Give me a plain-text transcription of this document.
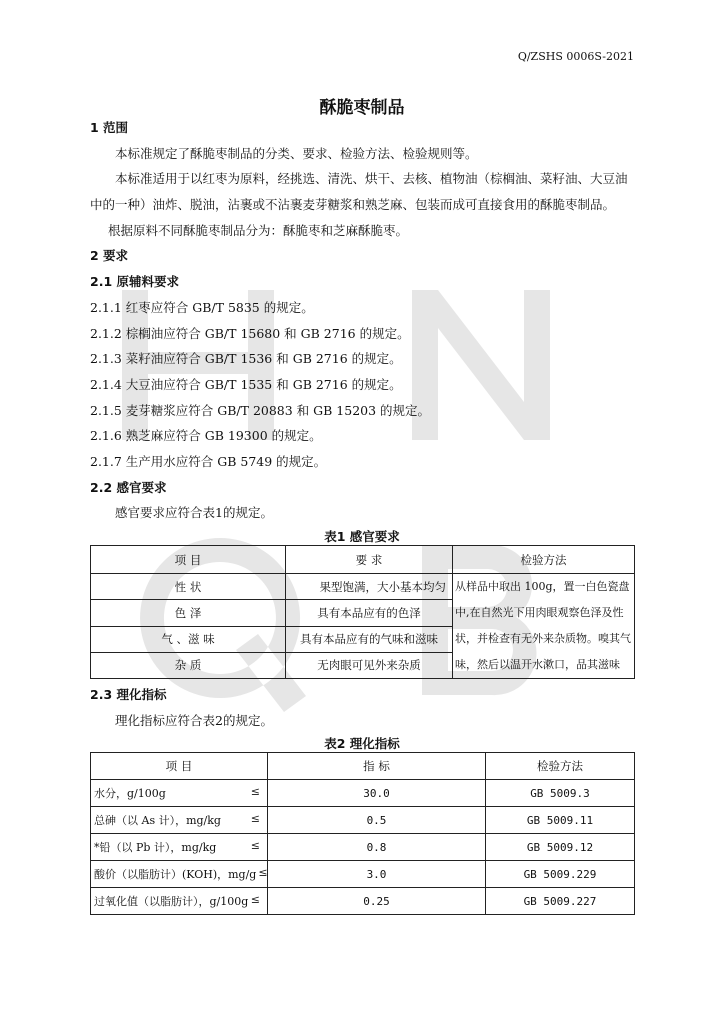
Q/ZSHS 0006S-2021
酥脆枣制品
1 范围
本标准规定了酥脆枣制品的分类、要求、检验方法、检验规则等。
本标准适用于以红枣为原料，经挑选、清洗、烘干、去核、植物油（棕榈油、菜籽油、大豆油
中的一种）油炸、脱油，沾裹或不沾裹麦芽糖浆和熟芝麻、包装而成可直接食用的酥脆枣制品。
根据原料不同酥脆枣制品分为：酥脆枣和芝麻酥脆枣。
2 要求
2.1 原辅料要求
2.1.1 红枣应符合 GB/T 5835 的规定。
2.1.2 棕榈油应符合 GB/T 15680 和 GB 2716 的规定。
2.1.3 菜籽油应符合 GB/T 1536 和 GB 2716 的规定。
2.1.4 大豆油应符合 GB/T 1535 和 GB 2716 的规定。
2.1.5 麦芽糖浆应符合 GB/T 20883 和 GB 15203 的规定。
2.1.6 熟芝麻应符合 GB 19300 的规定。
2.1.7 生产用水应符合 GB 5749 的规定。
2.2 感官要求
感官要求应符合表1的规定。
表1 感官要求
项 目	要 求	检验方法
性 状	果型饱满，大小基本均匀	从样品中取出 100g，置一白色瓷盘中,在自然光下用肉眼观察色泽及性状，并检查有无外来杂质物。嗅其气味，然后以温开水漱口，品其滋味
色 泽	具有本品应有的色泽	
气 、滋 味	具有本品应有的气味和滋味	
杂 质	无肉眼可见外来杂质	
2.3 理化指标
理化指标应符合表2的规定。
表2 理化指标
项 目	指 标	检验方法

水分，g/100g ≤	30.0	GB 5009.3

总砷（以 As 计），mg/kg ≤	0.5	GB 5009.11

*铅（以 Pb 计），mg/kg ≤	0.8	GB 5009.12

酸价（以脂肪计）(KOH)，mg/g ≤	3.0	GB 5009.229

过氧化值（以脂肪计），g/100g ≤	0.25	GB 5009.227
